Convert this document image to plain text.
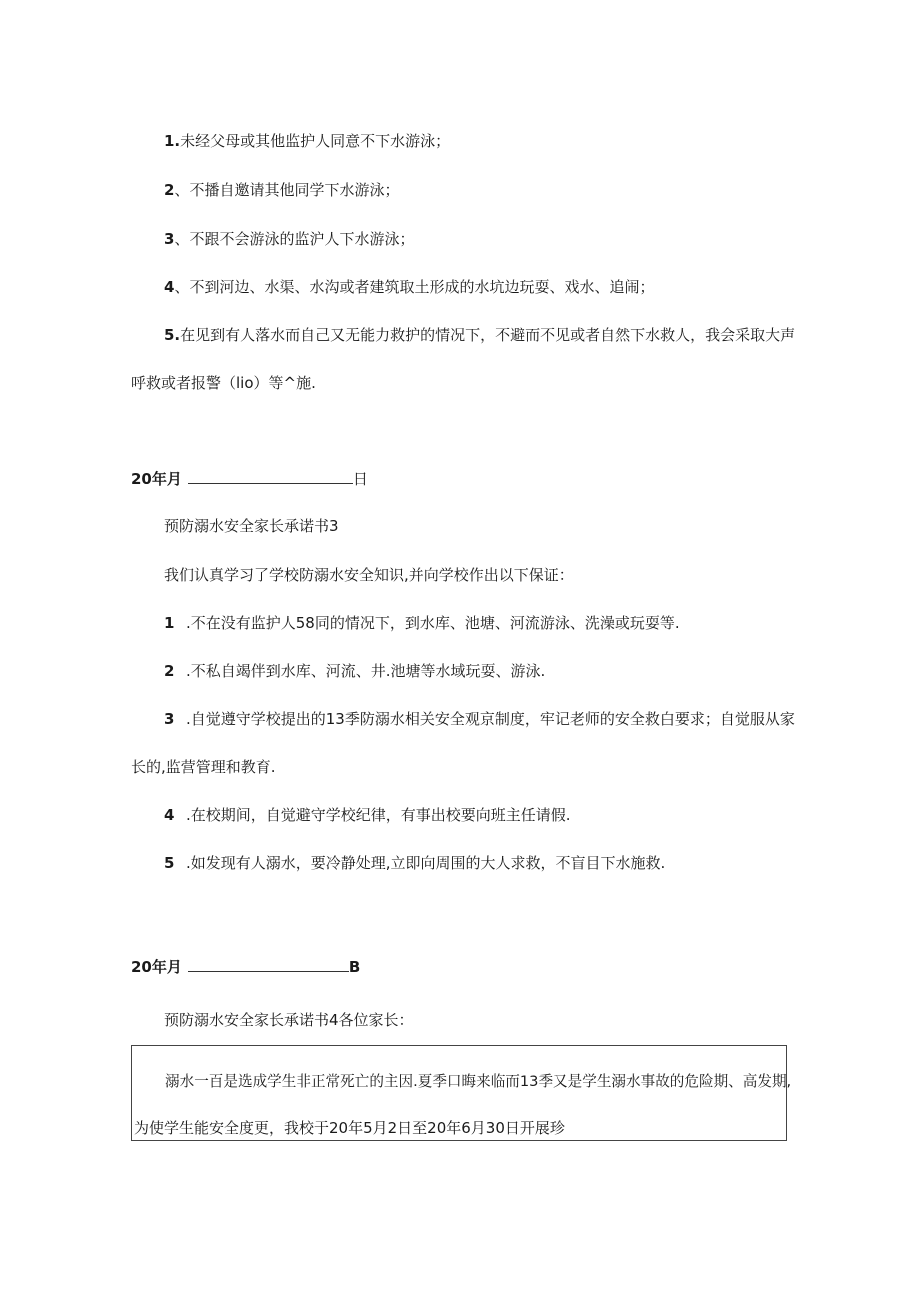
1.未经父母或其他监护人同意不下水游泳；
2、不播自邀请其他同学下水游泳；
3、不跟不会游泳的监沪人下水游泳；
4、不到河边、水渠、水沟或者建筑取土形成的水坑边玩耍、戏水、追闹；
5.在见到有人落水而自己又无能力救护的情况下，不避而不见或者自然下水救人，我会采取大声
呼救或者报警（lio）等^施.
20年月	日
预防溺水安全家长承诺书3
我们认真学习了学校防溺水安全知识,并向学校作出以下保证：
1 .不在没有监护人58同的情况下，到水库、池塘、河流游泳、洗澡或玩耍等.
2 .不私自竭伴到水库、河流、井.池塘等水域玩耍、游泳.
3 .自觉遵守学校提出的13季防溺水相关安全观京制度，牢记老师的安全救白要求；自觉服从家
长的,监营管理和教育.
4 .在校期间，自觉避守学校纪律，有事出校要向班主任请假.
5 .如发现有人溺水，要冷静处理,立即向周围的大人求救，不盲目下水施救.
20年月	B
预防溺水安全家长承诺书4各位家长：
溺水一百是选成学生非正常死亡的主因.夏季口晦来临而13季又是学生溺水事故的危险期、高发期,
为使学生能安全度更，我校于20年5月2日至20年6月30日开展珍
